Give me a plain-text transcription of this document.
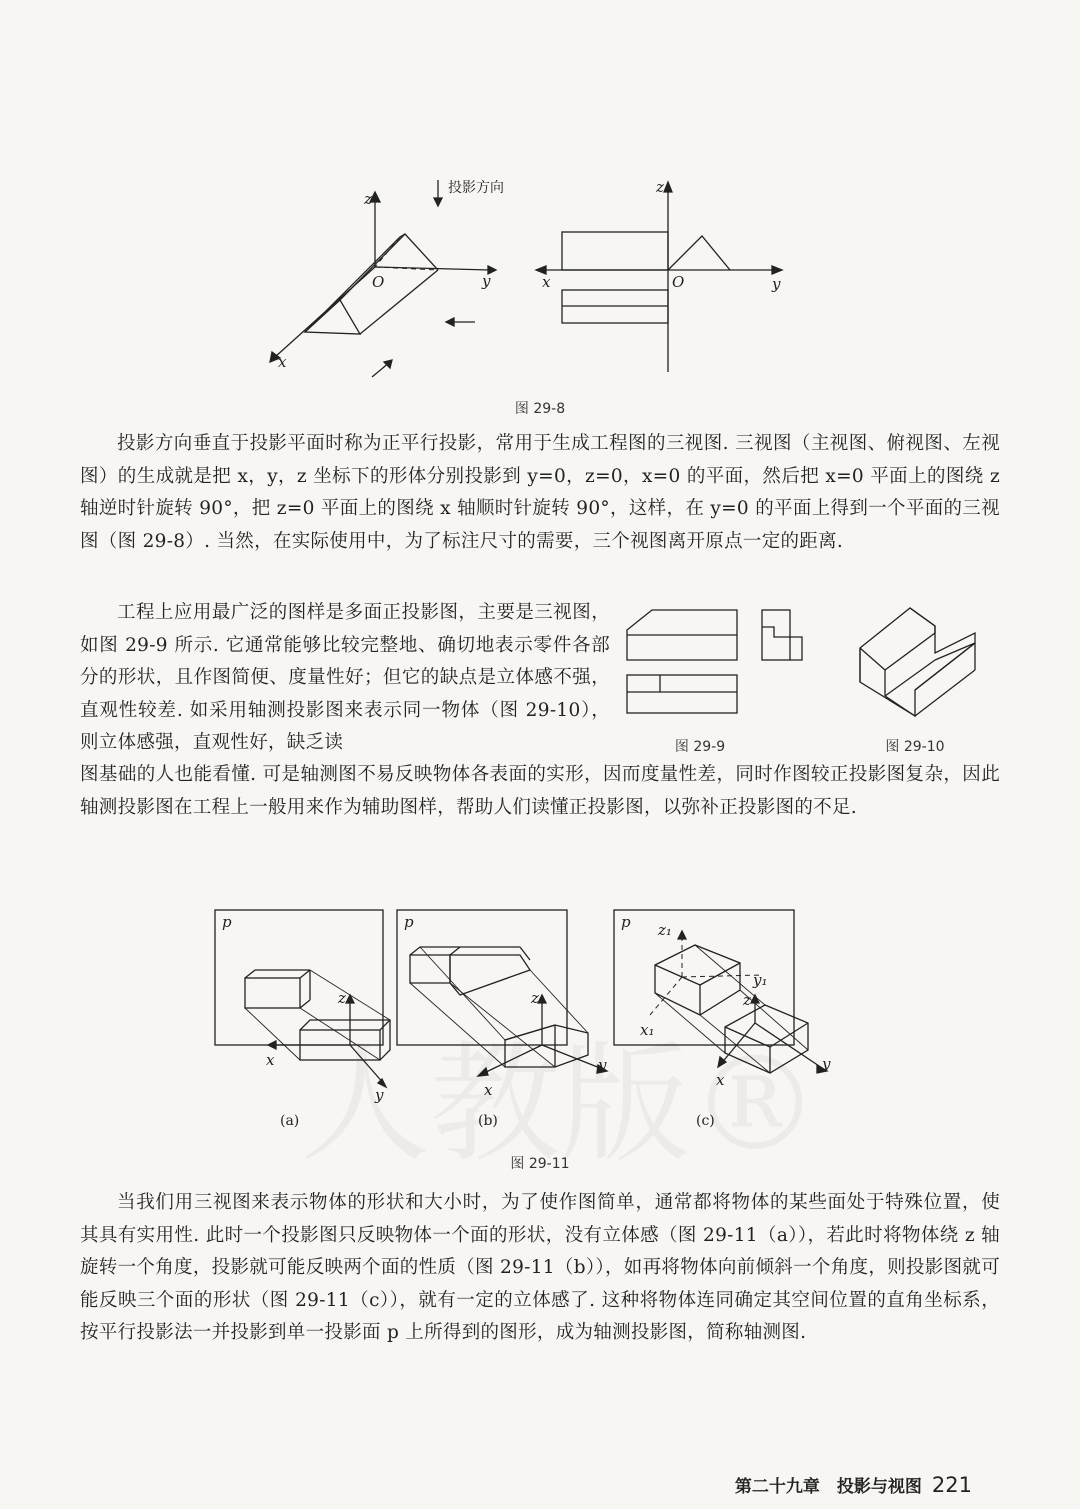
投影方向
z
O	y
x
z
x	O	y
图 29-8

投影方向垂直于投影平面时称为正平行投影，常用于生成工程图的三视图. 三视图（主视图、俯视图、左视图）的生成就是把 x，y，z 坐标下的形体分别投影到 y=0，z=0，x=0 的平面，然后把 x=0 平面上的图绕 z 轴逆时针旋转 90°，把 z=0 平面上的图绕 x 轴顺时针旋转 90°，这样，在 y=0 的平面上得到一个平面的三视图（图 29-8）. 当然，在实际使用中，为了标注尺寸的需要，三个视图离开原点一定的距离.

工程上应用最广泛的图样是多面正投影图，主要是三视图，如图 29-9 所示. 它通常能够比较完整地、确切地表示零件各部分的形状，且作图简便、度量性好；但它的缺点是立体感不强，直观性较差. 如采用轴测投影图来表示同一物体（图 29-10），则立体感强，直观性好，缺乏读

图基础的人也能看懂. 可是轴测图不易反映物体各表面的实形，因而度量性差，同时作图较正投影图复杂，因此轴测投影图在工程上一般用来作为辅助图样，帮助人们读懂正投影图，以弥补正投影图的不足.

图 29-9	图 29-10
p
z
x
y
(a)
p
z
x
y
(b)
p z₁
y₁
x₁
z
x
y
(c)
图 29-11

当我们用三视图来表示物体的形状和大小时，为了使作图简单，通常都将物体的某些面处于特殊位置，使其具有实用性. 此时一个投影图只反映物体一个面的形状，没有立体感（图 29-11（a）），若此时将物体绕 z 轴旋转一个角度，投影就可能反映两个面的性质（图 29-11（b）），如再将物体向前倾斜一个角度，则投影图就可能反映三个面的形状（图 29-11（c）），就有一定的立体感了. 这种将物体连同确定其空间位置的直角坐标系，按平行投影法一并投影到单一投影面 p 上所得到的图形，成为轴测投影图，简称轴测图.

第二十九章　投影与视图 221
